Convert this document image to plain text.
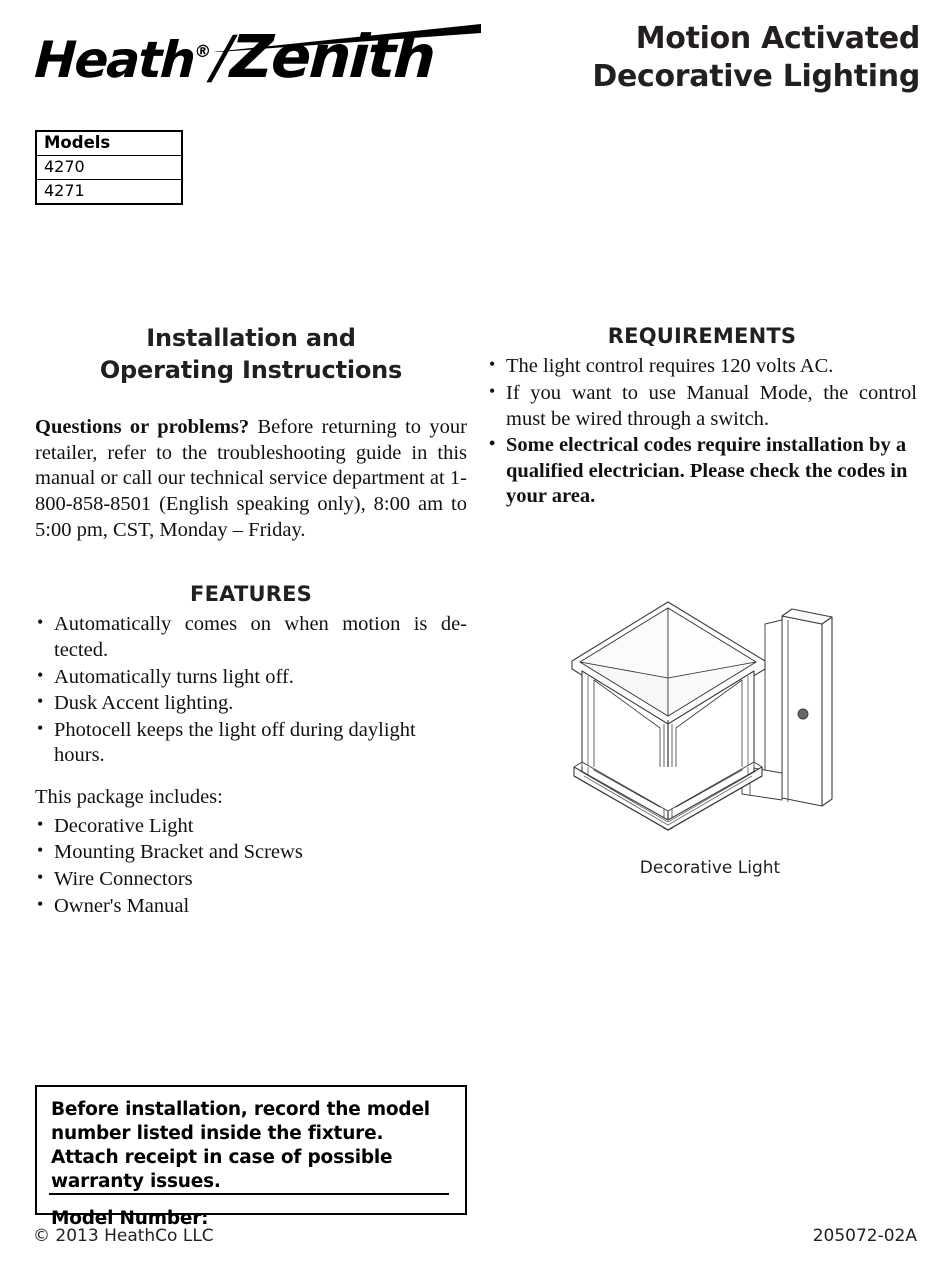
Heath®/Zenith	Motion Activated
Decorative Lighting
Models
4270
4271
Installation and
Operating Instructions

Questions or problems? Before returning to your retailer, refer to the troubleshooting guide in this manual or call our technical service department at 1-800-858-8501 (English speaking only), 8:00 am to 5:00 pm, CST, Monday – Friday.

FEATURES
• Automatically comes on when motion is de-tected.
• Automatically turns light off.
• Dusk Accent lighting.
• Photocell keeps the light off during daylight hours.

This package includes:

• Decorative Light
• Mounting Bracket and Screws
• Wire Connectors
• Owner's Manual
REQUIREMENTS
• The light control requires 120 volts AC.
• If you want to use Manual Mode, the control must be wired through a switch.
• Some electrical codes require installation by a qualified electrician. Please check the codes in your area.
Decorative Light

Before installation, record the model number listed inside the fixture. Attach receipt in case of possible warranty issues.

Model Number:

© 2013 HeathCo LLC	205072-02A
